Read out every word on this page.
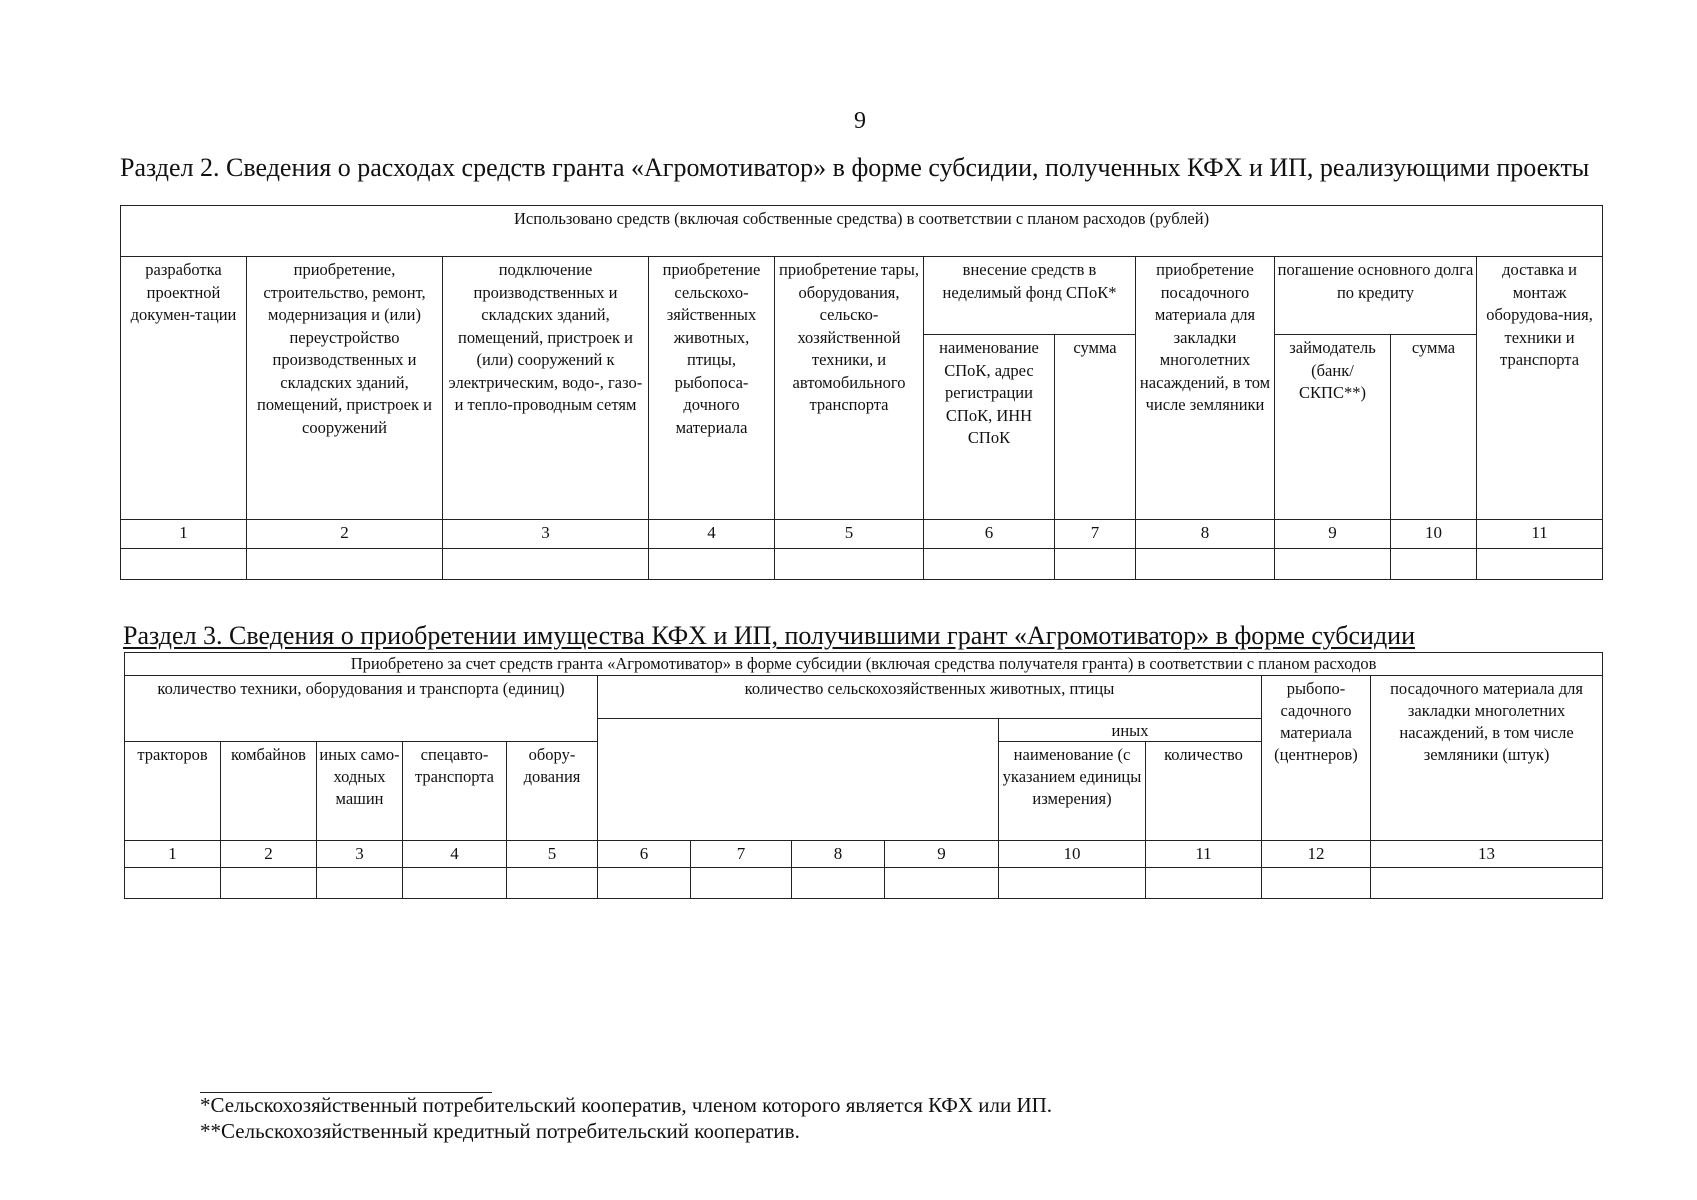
9
Раздел 2. Сведения о расходах средств гранта «Агромотиватор» в форме субсидии, полученных КФХ и ИП, реализующими проекты
Использовано средств (включая собственные средства) в соответствии с планом расходов (рублей)										
разработка проектной докумен-тации	приобретение, строительство, ремонт, модернизация и (или) переустройство производственных и складских зданий, помещений, пристроек и сооружений	подключение производственных и складских зданий, помещений, пристроек и (или) сооружений к электрическим, водо-, газо- и тепло-проводным сетям	приобретение сельскохо-зяйственных животных, птицы, рыбопоса-дочного материала	приобретение тары, оборудования, сельско-хозяйственной техники, и автомобильного транспорта	внесение средств в неделимый фонд СПоК*		приобретение посадочного материала для закладки многолетних насаждений, в том числе земляники	погашение основного долга по кредиту		доставка и монтаж оборудова-ния, техники и транспорта
					наименование СПоК, адрес регистрации СПоК, ИНН СПоК	сумма		займодатель (банк/ СКПС**)	сумма	
1	2	3	4	5	6	7	8	9	10	11

Раздел 3. Сведения о приобретении имущества КФХ и ИП, получившими грант «Агромотиватор» в форме субсидии
Приобретено за счет средств гранта «Агромотиватор» в форме субсидии (включая средства получателя гранта) в соответствии с планом расходов												
количество техники, оборудования и транспорта (единиц)					количество сельскохозяйственных животных, птицы						рыбопо-садочного материала (центнеров)	посадочного материала для закладки многолетних насаждений, в том числе земляники (штук)
									иных			
тракторов	комбайнов	иных само-ходных машин	спецавто-транспорта	обору-дования					наименование (с указанием единицы измерения)	количество		
1	2	3	4	5	6	7	8	9	10	11	12	13

*Сельскохозяйственный потребительский кооператив, членом которого является КФХ или ИП.
**Сельскохозяйственный кредитный потребительский кооператив.
